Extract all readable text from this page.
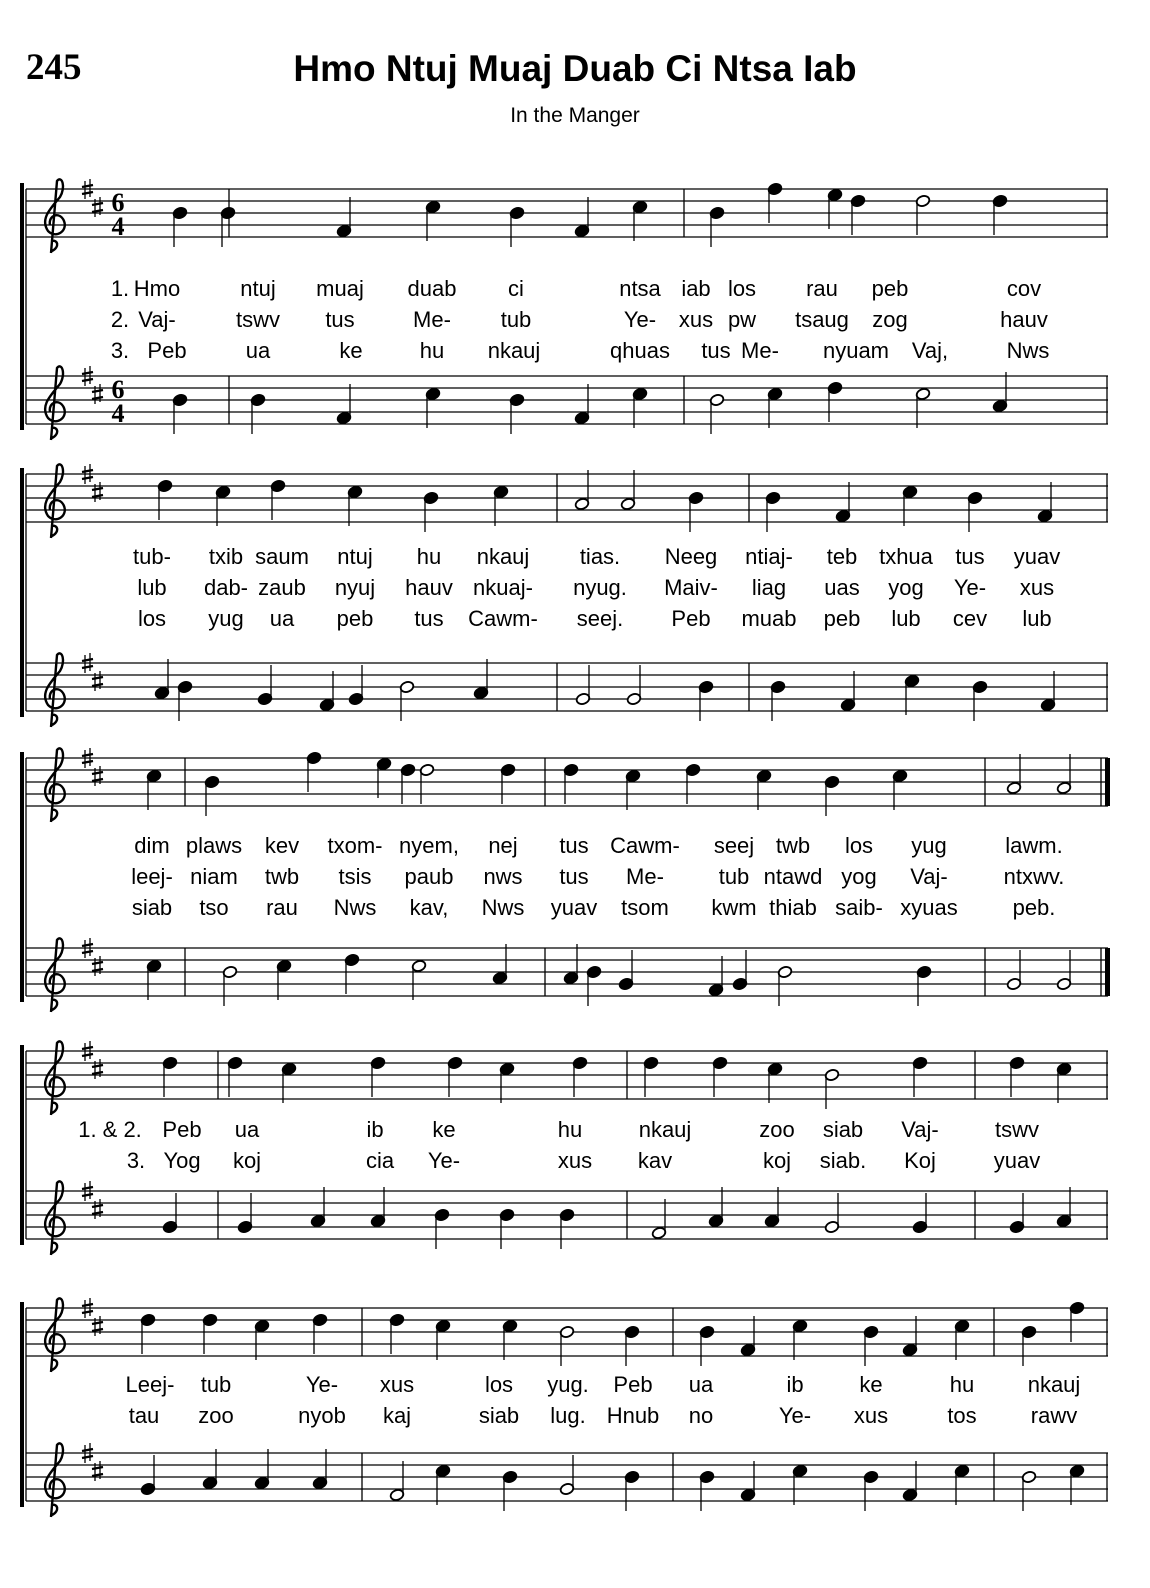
245	Hmo Ntuj Muaj Duab Ci Ntsa Iab
In the Manger
6
4
6
4
1. Hmo	ntuj muaj duab ci	ntsa iab los rau peb	cov
2. Vaj-	tswv tus	Me- tub	Ye- xus pw tsaug zog	hauv
3. Peb	ua	ke	hu nkauj	qhuas tus Me- nyuam Vaj,	Nws
tub- txib saum ntuj hu nkauj tias. Neeg ntiaj- teb txhua tus yuav
lub dab- zaub nyuj hauv nkuaj- nyug. Maiv- liag uas yog Ye- xus
los yug ua peb tus Cawm- seej. Peb muab peb lub cev lub
dim plaws kev txom- nyem, nej tus Cawm- seej twb los yug	lawm.
leej- niam twb tsis paub nws tus Me- tub ntawd yog Vaj-	ntxwv.
siab tso rau Nws kav, Nws yuav tsom kwm thiab saib- xyuas peb.
1. & 2. Peb ua	ib ke	hu	nkauj	zoo siab Vaj-	tswv
3. Yog koj	cia Ye-	xus kav	koj siab. Koj	yuav
Leej- tub	Ye- xus	los yug. Peb ua	ib	ke	hu nkauj
tau zoo	nyob kaj	siab lug. Hnub no	Ye- xus	tos rawv
